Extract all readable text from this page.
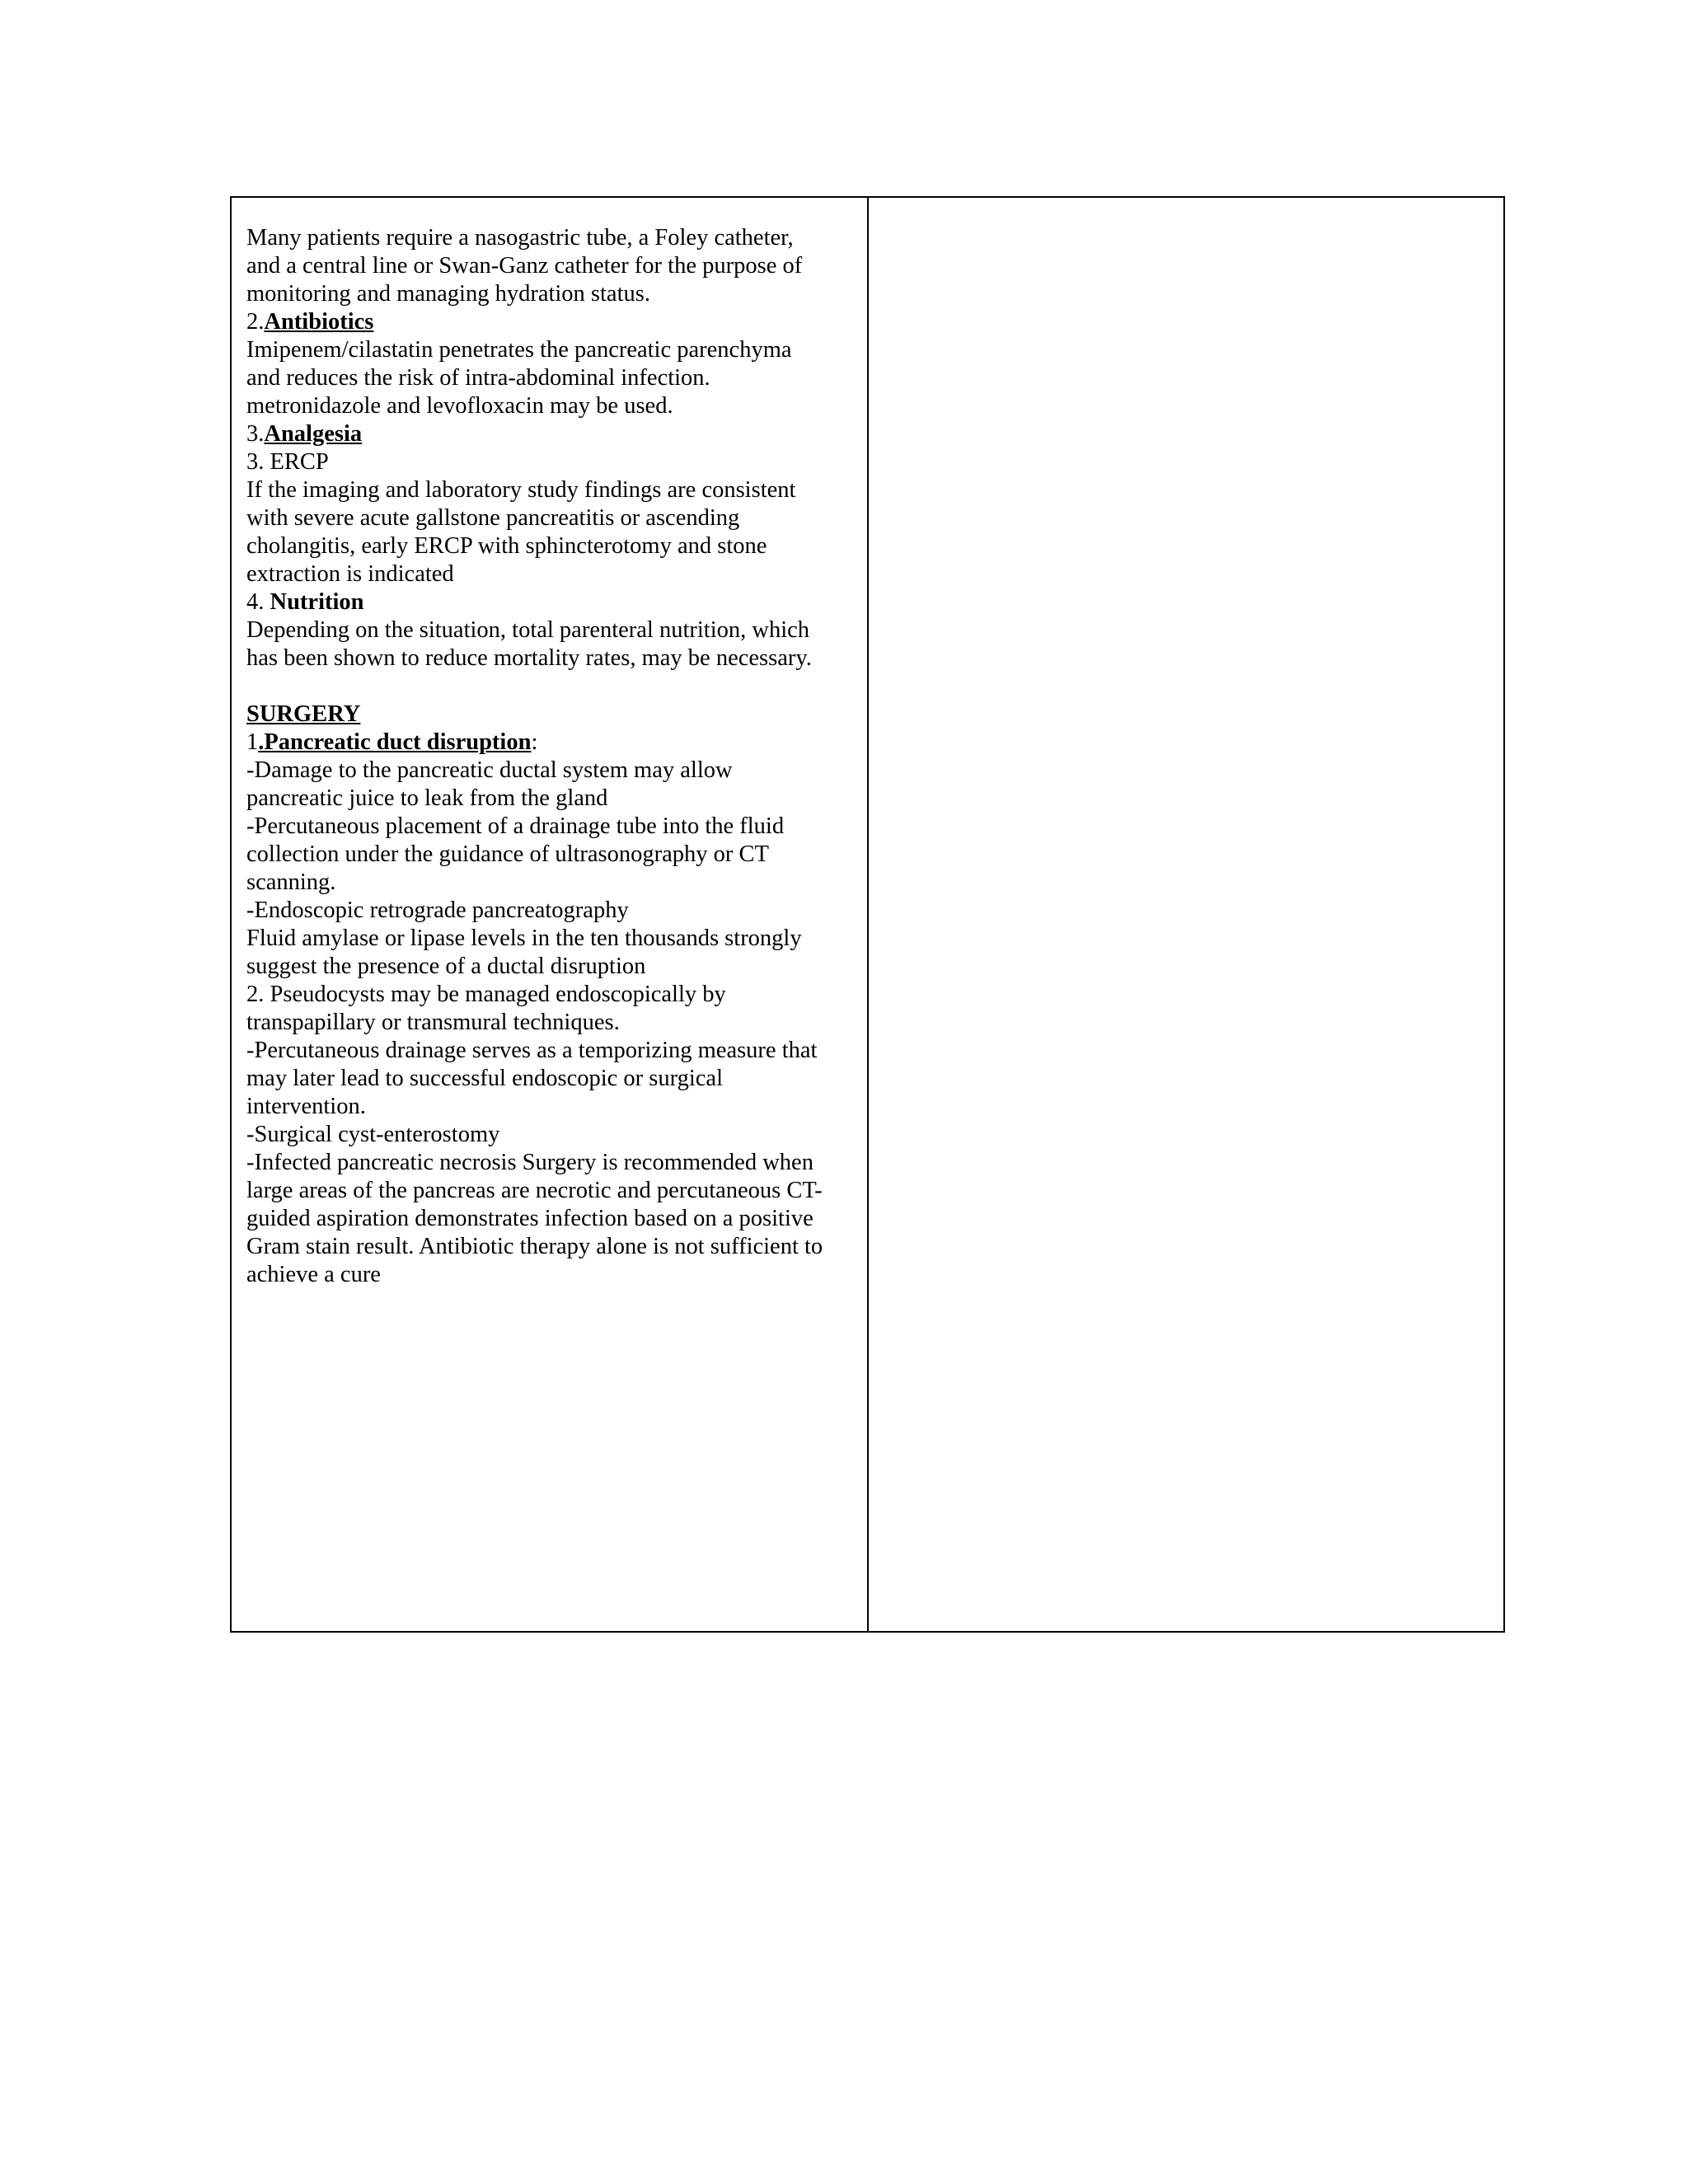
Many patients require a nasogastric tube, a Foley catheter,
and a central line or Swan-Ganz catheter for the purpose of
monitoring and managing hydration status.
2.Antibiotics
Imipenem/cilastatin penetrates the pancreatic parenchyma
and reduces the risk of intra-abdominal infection.
metronidazole and levofloxacin may be used.
3.Analgesia
3. ERCP
If the imaging and laboratory study findings are consistent
with severe acute gallstone pancreatitis or ascending
cholangitis, early ERCP with sphincterotomy and stone
extraction is indicated
4. Nutrition
Depending on the situation, total parenteral nutrition, which
has been shown to reduce mortality rates, may be necessary.
SURGERY
1.Pancreatic duct disruption:
-Damage to the pancreatic ductal system may allow
pancreatic juice to leak from the gland
-Percutaneous placement of a drainage tube into the fluid
collection under the guidance of ultrasonography or CT
scanning.
-Endoscopic retrograde pancreatography
Fluid amylase or lipase levels in the ten thousands strongly
suggest the presence of a ductal disruption
2. Pseudocysts may be managed endoscopically by
transpapillary or transmural techniques.
-Percutaneous drainage serves as a temporizing measure that
may later lead to successful endoscopic or surgical
intervention.
-Surgical cyst-enterostomy
-Infected pancreatic necrosis Surgery is recommended when
large areas of the pancreas are necrotic and percutaneous CT-
guided aspiration demonstrates infection based on a positive
Gram stain result. Antibiotic therapy alone is not sufficient to
achieve a cure
